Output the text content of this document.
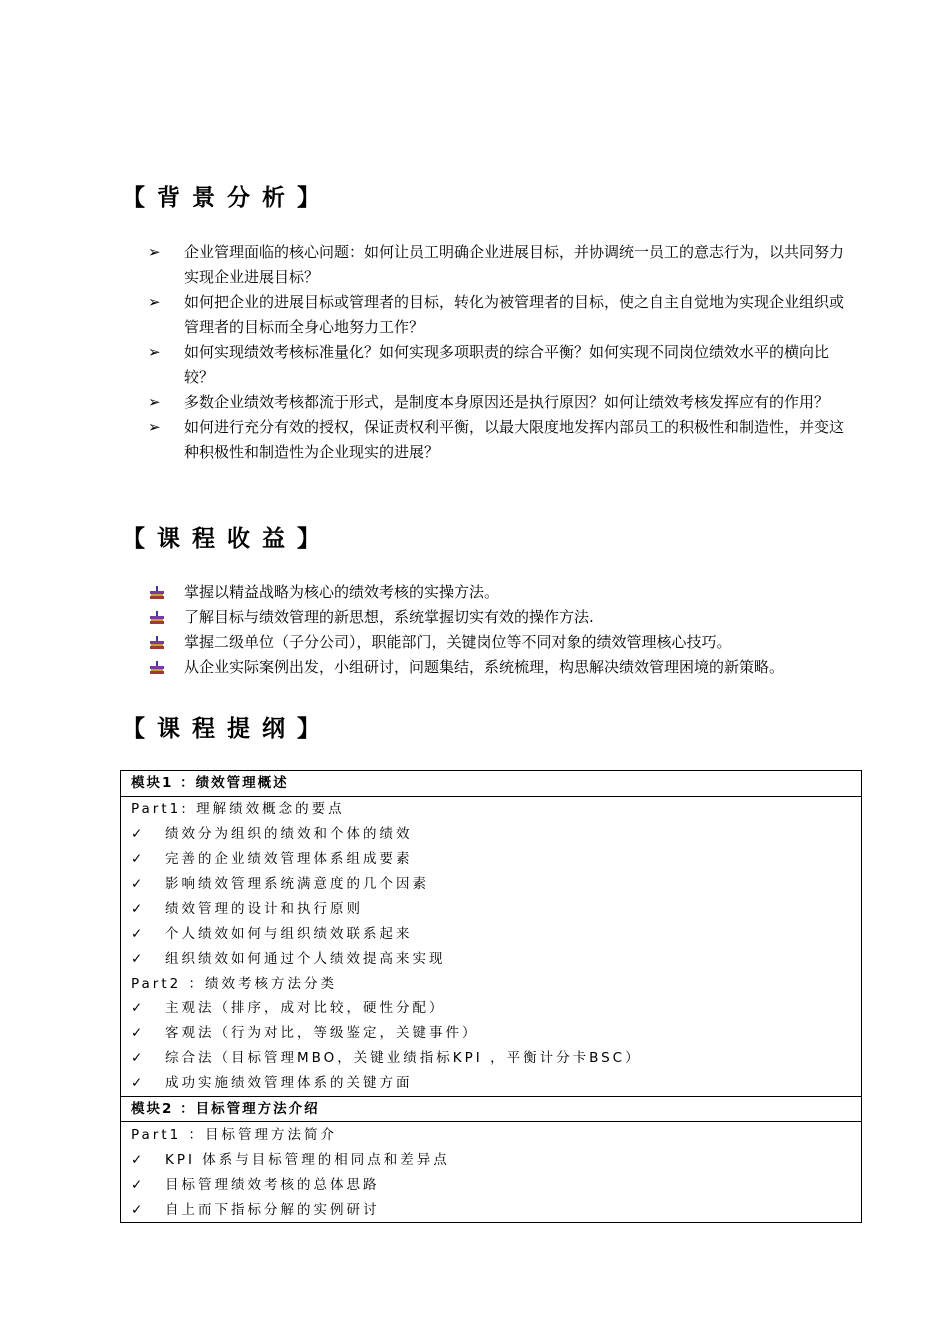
【背景分析】
➢	企业管理面临的核心问题：如何让员工明确企业进展目标，并协调统一员工的意志行为，以共同努力实现企业进展目标？
➢	如何把企业的进展目标或管理者的目标，转化为被管理者的目标，使之自主自觉地为实现企业组织或管理者的目标而全身心地努力工作？
➢	如何实现绩效考核标准量化？如何实现多项职责的综合平衡？如何实现不同岗位绩效水平的横向比较？
➢	多数企业绩效考核都流于形式，是制度本身原因还是执行原因？如何让绩效考核发挥应有的作用？
➢	如何进行充分有效的授权，保证责权利平衡，以最大限度地发挥内部员工的积极性和制造性，并变这种积极性和制造性为企业现实的进展？
【课程收益】
掌握以精益战略为核心的绩效考核的实操方法。
了解目标与绩效管理的新思想，系统掌握切实有效的操作方法.
掌握二级单位（子分公司），职能部门，关键岗位等不同对象的绩效管理核心技巧。
从企业实际案例出发，小组研讨，问题集结，系统梳理，构思解决绩效管理困境的新策略。
【课程提纲】
模块1 ：绩效管理概述
Part1: 理解绩效概念的要点
✓ 绩效分为组织的绩效和个体的绩效
✓ 完善的企业绩效管理体系组成要素
✓ 影响绩效管理系统满意度的几个因素
✓ 绩效管理的设计和执行原则
✓ 个人绩效如何与组织绩效联系起来
✓ 组织绩效如何通过个人绩效提高来实现
Part2 ：绩效考核方法分类
✓ 主观法（排序，成对比较，硬性分配）
✓ 客观法（行为对比，等级鉴定，关键事件）
✓ 综合法（目标管理MBO，关键业绩指标KPI ，平衡计分卡BSC）
✓ 成功实施绩效管理体系的关键方面
模块2 ：目标管理方法介绍
Part1 ：目标管理方法简介
✓ KPI 体系与目标管理的相同点和差异点
✓ 目标管理绩效考核的总体思路
✓ 自上而下指标分解的实例研讨
